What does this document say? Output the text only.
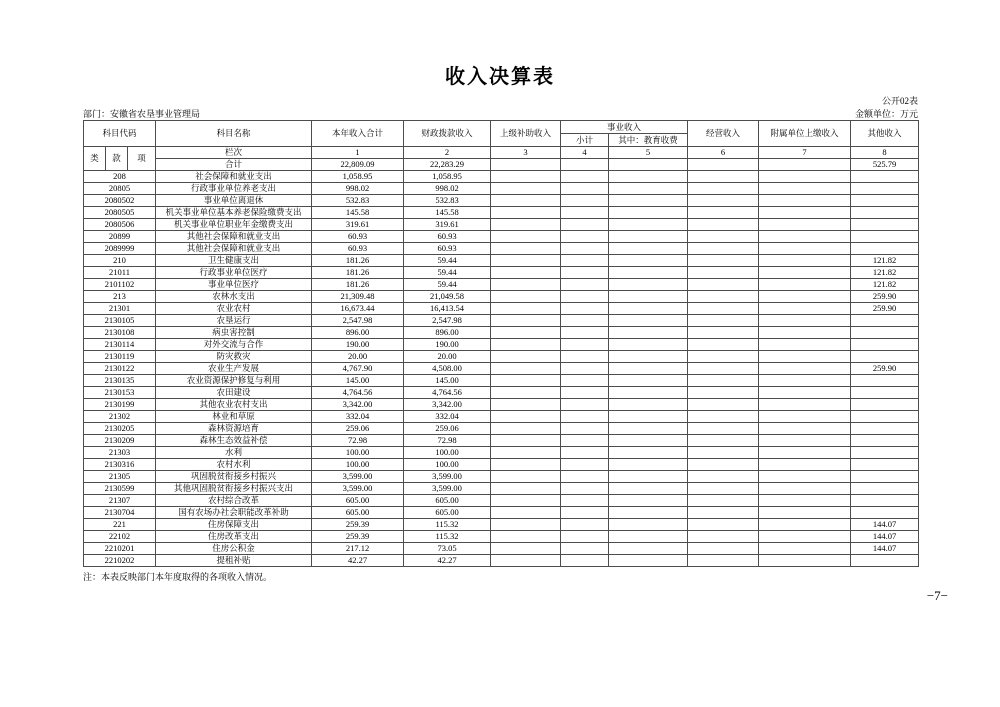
收入决算表
公开02表
部门：安徽省农垦事业管理局	金额单位：万元
科目代码			科目名称	本年收入合计	财政拨款收入	上级补助收入	事业收入		经营收入	附属单位上缴收入	其他收入
							小计	其中：教育收费			
类	款	项	栏次	1	2	3	4	5	6	7	8
			合计	22,809.09	22,283.29						525.79
208			社会保障和就业支出	1,058.95	1,058.95						
20805			行政事业单位养老支出	998.02	998.02						
2080502			事业单位离退休	532.83	532.83						
2080505			机关事业单位基本养老保险缴费支出	145.58	145.58						
2080506			机关事业单位职业年金缴费支出	319.61	319.61						
20899			其他社会保障和就业支出	60.93	60.93						
2089999			其他社会保障和就业支出	60.93	60.93						
210			卫生健康支出	181.26	59.44						121.82
21011			行政事业单位医疗	181.26	59.44						121.82
2101102			事业单位医疗	181.26	59.44						121.82
213			农林水支出	21,309.48	21,049.58						259.90
21301			农业农村	16,673.44	16,413.54						259.90
2130105			农垦运行	2,547.98	2,547.98						
2130108			病虫害控制	896.00	896.00						
2130114			对外交流与合作	190.00	190.00						
2130119			防灾救灾	20.00	20.00						
2130122			农业生产发展	4,767.90	4,508.00						259.90
2130135			农业资源保护修复与利用	145.00	145.00						
2130153			农田建设	4,764.56	4,764.56						
2130199			其他农业农村支出	3,342.00	3,342.00						
21302			林业和草原	332.04	332.04						
2130205			森林资源培育	259.06	259.06						
2130209			森林生态效益补偿	72.98	72.98						
21303			水利	100.00	100.00						
2130316			农村水利	100.00	100.00						
21305			巩固脱贫衔接乡村振兴	3,599.00	3,599.00						
2130599			其他巩固脱贫衔接乡村振兴支出	3,599.00	3,599.00						
21307			农村综合改革	605.00	605.00						
2130704			国有农场办社会职能改革补助	605.00	605.00						
221			住房保障支出	259.39	115.32						144.07
22102			住房改革支出	259.39	115.32						144.07
2210201			住房公积金	217.12	73.05						144.07
2210202			提租补贴	42.27	42.27						
注：本表反映部门本年度取得的各项收入情况。
−7−
